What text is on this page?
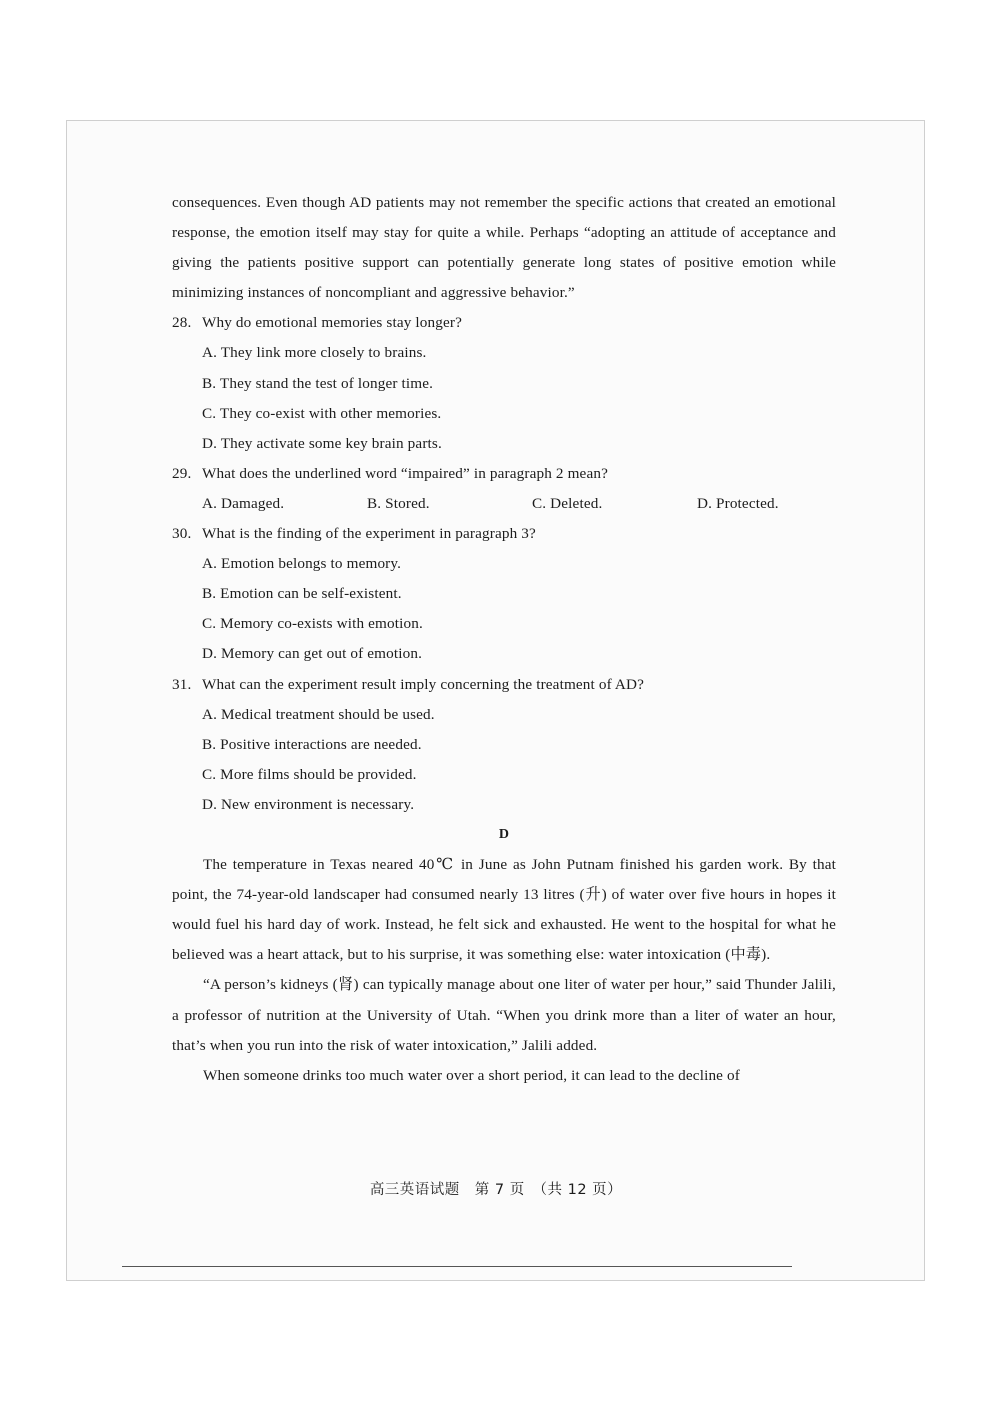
consequences. Even though AD patients may not remember the specific actions that created an emotional response, the emotion itself may stay for quite a while. Perhaps “adopting an attitude of acceptance and giving the patients positive support can potentially generate long states of positive emotion while minimizing instances of noncompliant and aggressive behavior.”

28. Why do emotional memories stay longer?

A. They link more closely to brains.

B. They stand the test of longer time.

C. They co-exist with other memories.

D. They activate some key brain parts.

29. What does the underlined word “impaired” in paragraph 2 mean?

A. Damaged.	B. Stored.	C. Deleted.	D. Protected.

30. What is the finding of the experiment in paragraph 3?

A. Emotion belongs to memory.

B. Emotion can be self-existent.

C. Memory co-exists with emotion.

D. Memory can get out of emotion.

31. What can the experiment result imply concerning the treatment of AD?

A. Medical treatment should be used.

B. Positive interactions are needed.

C. More films should be provided.

D. New environment is necessary.

D

The temperature in Texas neared 40℃ in June as John Putnam finished his garden work. By that point, the 74-year-old landscaper had consumed nearly 13 litres (升) of water over five hours in hopes it would fuel his hard day of work. Instead, he felt sick and exhausted. He went to the hospital for what he believed was a heart attack, but to his surprise, it was something else: water intoxication (中毒).

“A person’s kidneys (肾) can typically manage about one liter of water per hour,” said Thunder Jalili, a professor of nutrition at the University of Utah. “When you drink more than a liter of water an hour, that’s when you run into the risk of water intoxication,” Jalili added.

When someone drinks too much water over a short period, it can lead to the decline of

高三英语试题　第 7 页　（共 12 页）
